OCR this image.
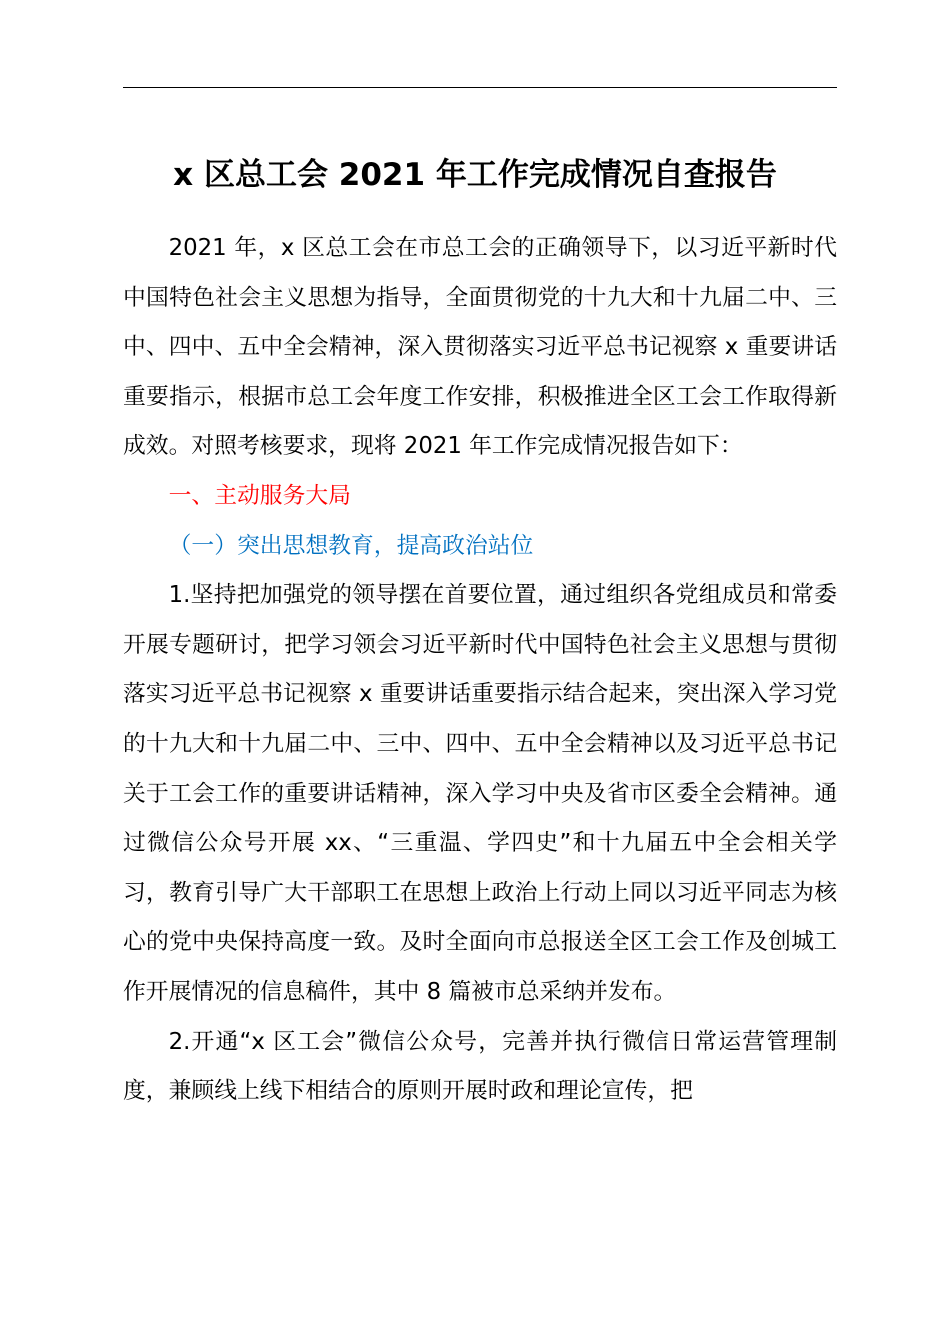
x 区总工会 2021 年工作完成情况自查报告

2021 年，x 区总工会在市总工会的正确领导下，以习近平新时代中国特色社会主义思想为指导，全面贯彻党的十九大和十九届二中、三中、四中、五中全会精神，深入贯彻落实习近平总书记视察 x 重要讲话重要指示，根据市总工会年度工作安排，积极推进全区工会工作取得新成效。对照考核要求，现将 2021 年工作完成情况报告如下：

一、主动服务大局

（一）突出思想教育，提高政治站位

1.坚持把加强党的领导摆在首要位置，通过组织各党组成员和常委开展专题研讨，把学习领会习近平新时代中国特色社会主义思想与贯彻落实习近平总书记视察 x 重要讲话重要指示结合起来，突出深入学习党的十九大和十九届二中、三中、四中、五中全会精神以及习近平总书记关于工会工作的重要讲话精神，深入学习中央及省市区委全会精神。通过微信公众号开展 xx、“三重温、学四史”和十九届五中全会相关学习，教育引导广大干部职工在思想上政治上行动上同以习近平同志为核心的党中央保持高度一致。及时全面向市总报送全区工会工作及创城工作开展情况的信息稿件，其中 8 篇被市总采纳并发布。

2.开通“x 区工会”微信公众号，完善并执行微信日常运营管理制度，兼顾线上线下相结合的原则开展时政和理论宣传，把
